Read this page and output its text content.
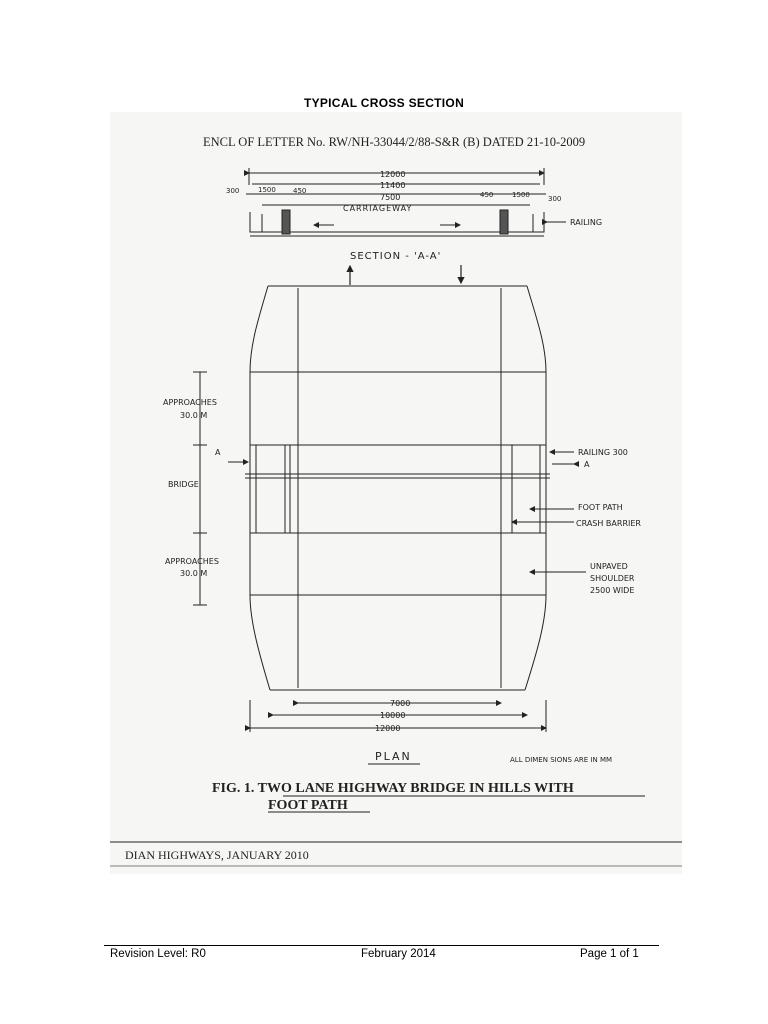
TYPICAL CROSS SECTION
ENCL OF LETTER No. RW/NH-33044/2/88-S&R (B) DATED 21-10-2009
12000
11400
300	1500 450
7500	450	1500	300
CARRIAGEWAY
RAILING
SECTION - 'A-A'
APPROACHES
30.0 M
A
BRIDGE
APPROACHES
30.0 M
RAILING 300
A
FOOT PATH
CRASH BARRIER
UNPAVED
SHOULDER
2500 WIDE
7000
10000
12000
PLAN	ALL DIMEN SIONS ARE IN MM
FIG. 1. TWO LANE HIGHWAY BRIDGE IN HILLS WITH
FOOT PATH
DIAN HIGHWAYS, JANUARY 2010
Revision Level: R0	February 2014	Page 1 of 1
